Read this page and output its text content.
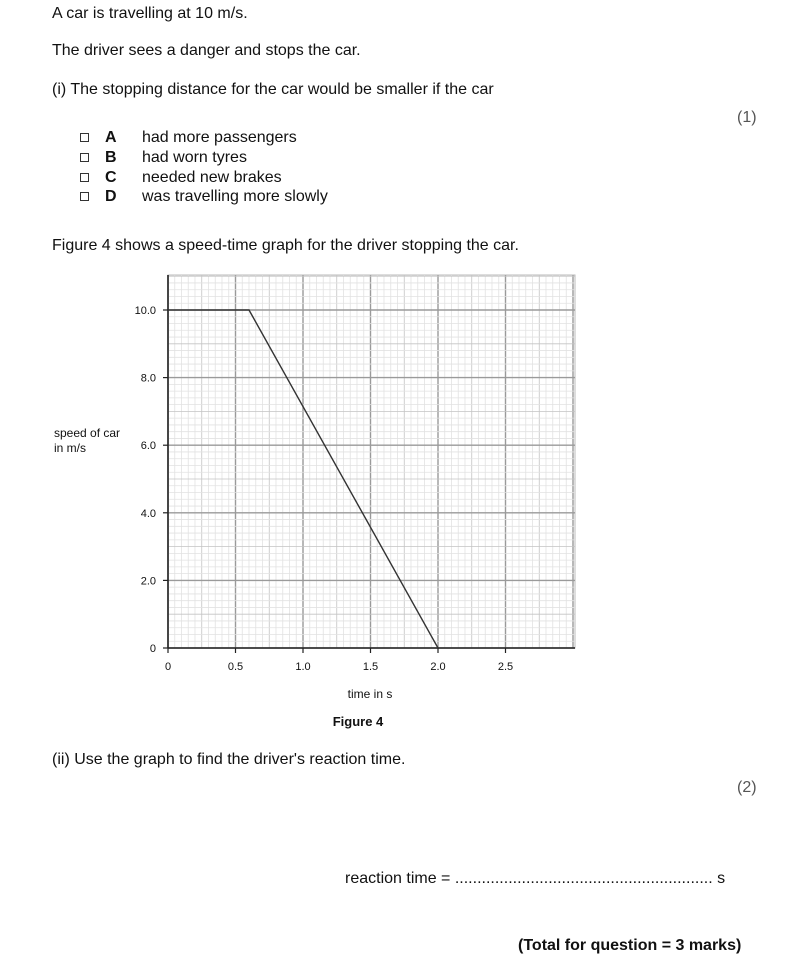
A car is travelling at 10 m/s.
The driver sees a danger and stops the car.
(i) The stopping distance for the car would be smaller if the car
(1)
A had more passengers
B had worn tyres
C needed new brakes
D was travelling more slowly
Figure 4 shows a speed-time graph for the driver stopping the car.
speed of car
in m/s
time in s
Figure 4
0
2.0
4.0
6.0
8.0
10.0
0	0.5	1.0	1.5	2.0	2.5
(ii) Use the graph to find the driver's reaction time.
(2)
reaction time = .......................................................... s
(Total for question = 3 marks)
